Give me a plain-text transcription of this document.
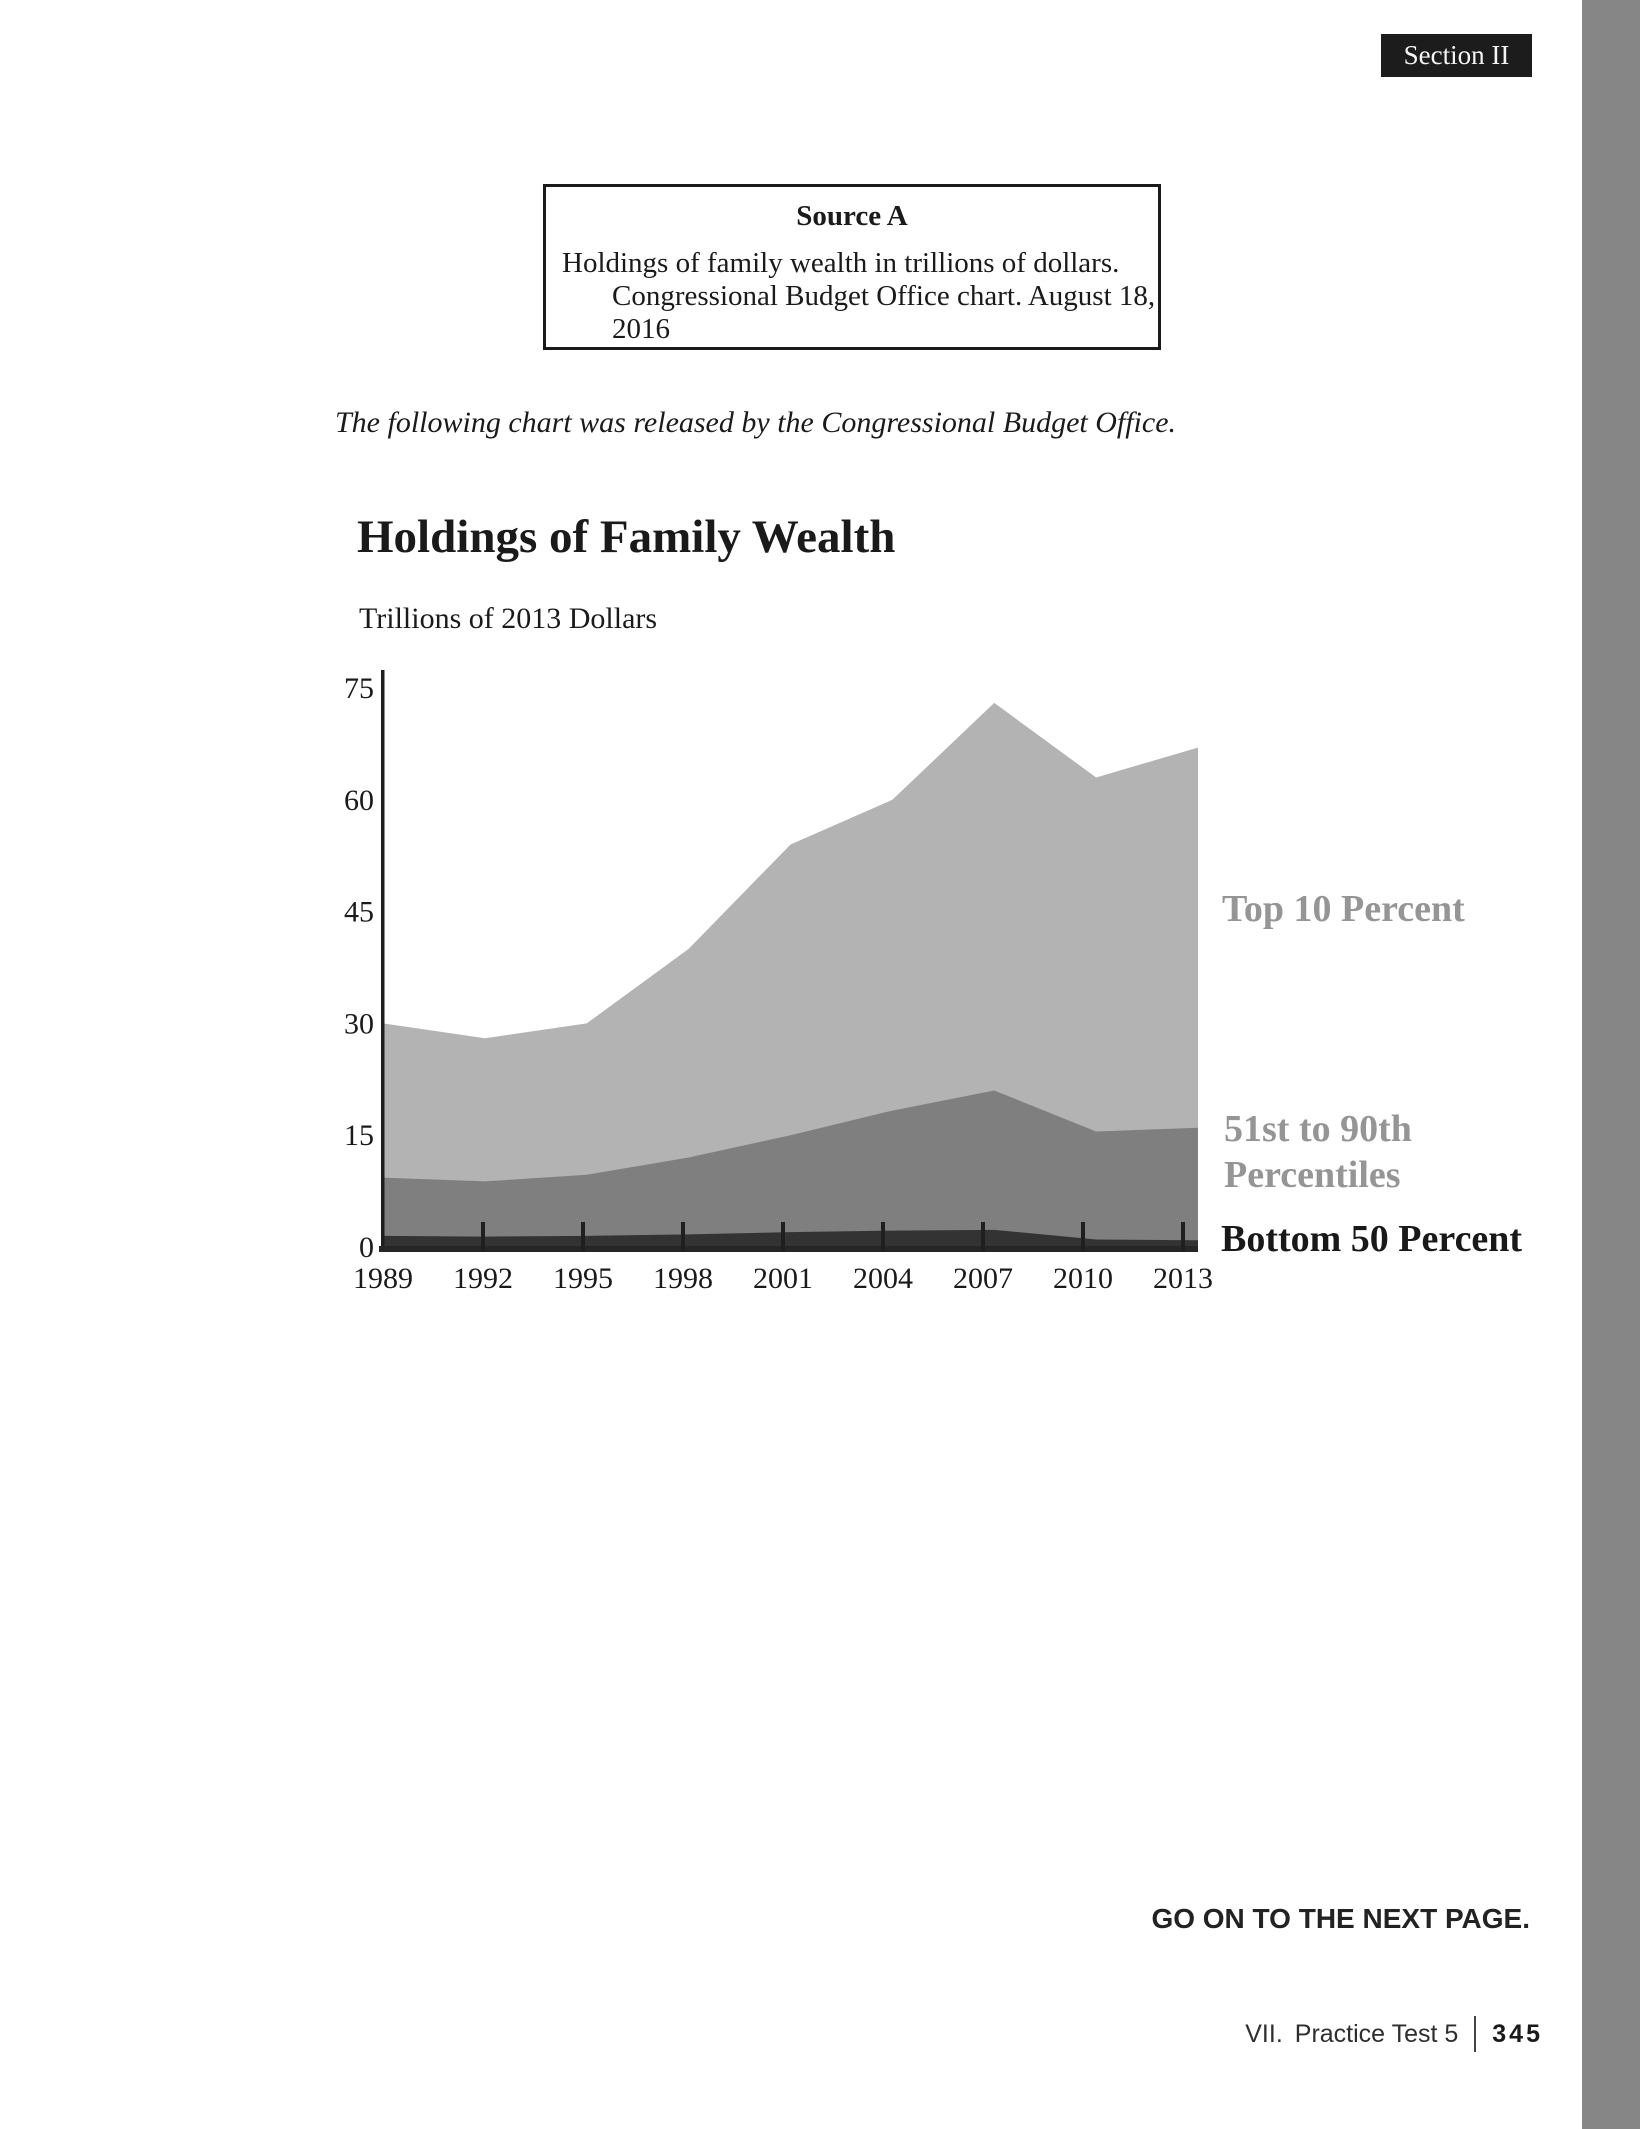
Section II
Source A
Holdings of family wealth in trillions of dollars.
Congressional Budget Office chart. August 18,
2016
The following chart was released by the Congressional Budget Office.
Holdings of Family Wealth
Trillions of 2013 Dollars
1989 1992 1995 1998 2001 2004 2007 2010 2013
0
15
30
45
60
75
Top 10 Percent
51st to 90th
Percentiles
Bottom 50 Percent
GO ON TO THE NEXT PAGE.
VII. Practice Test 5 345
